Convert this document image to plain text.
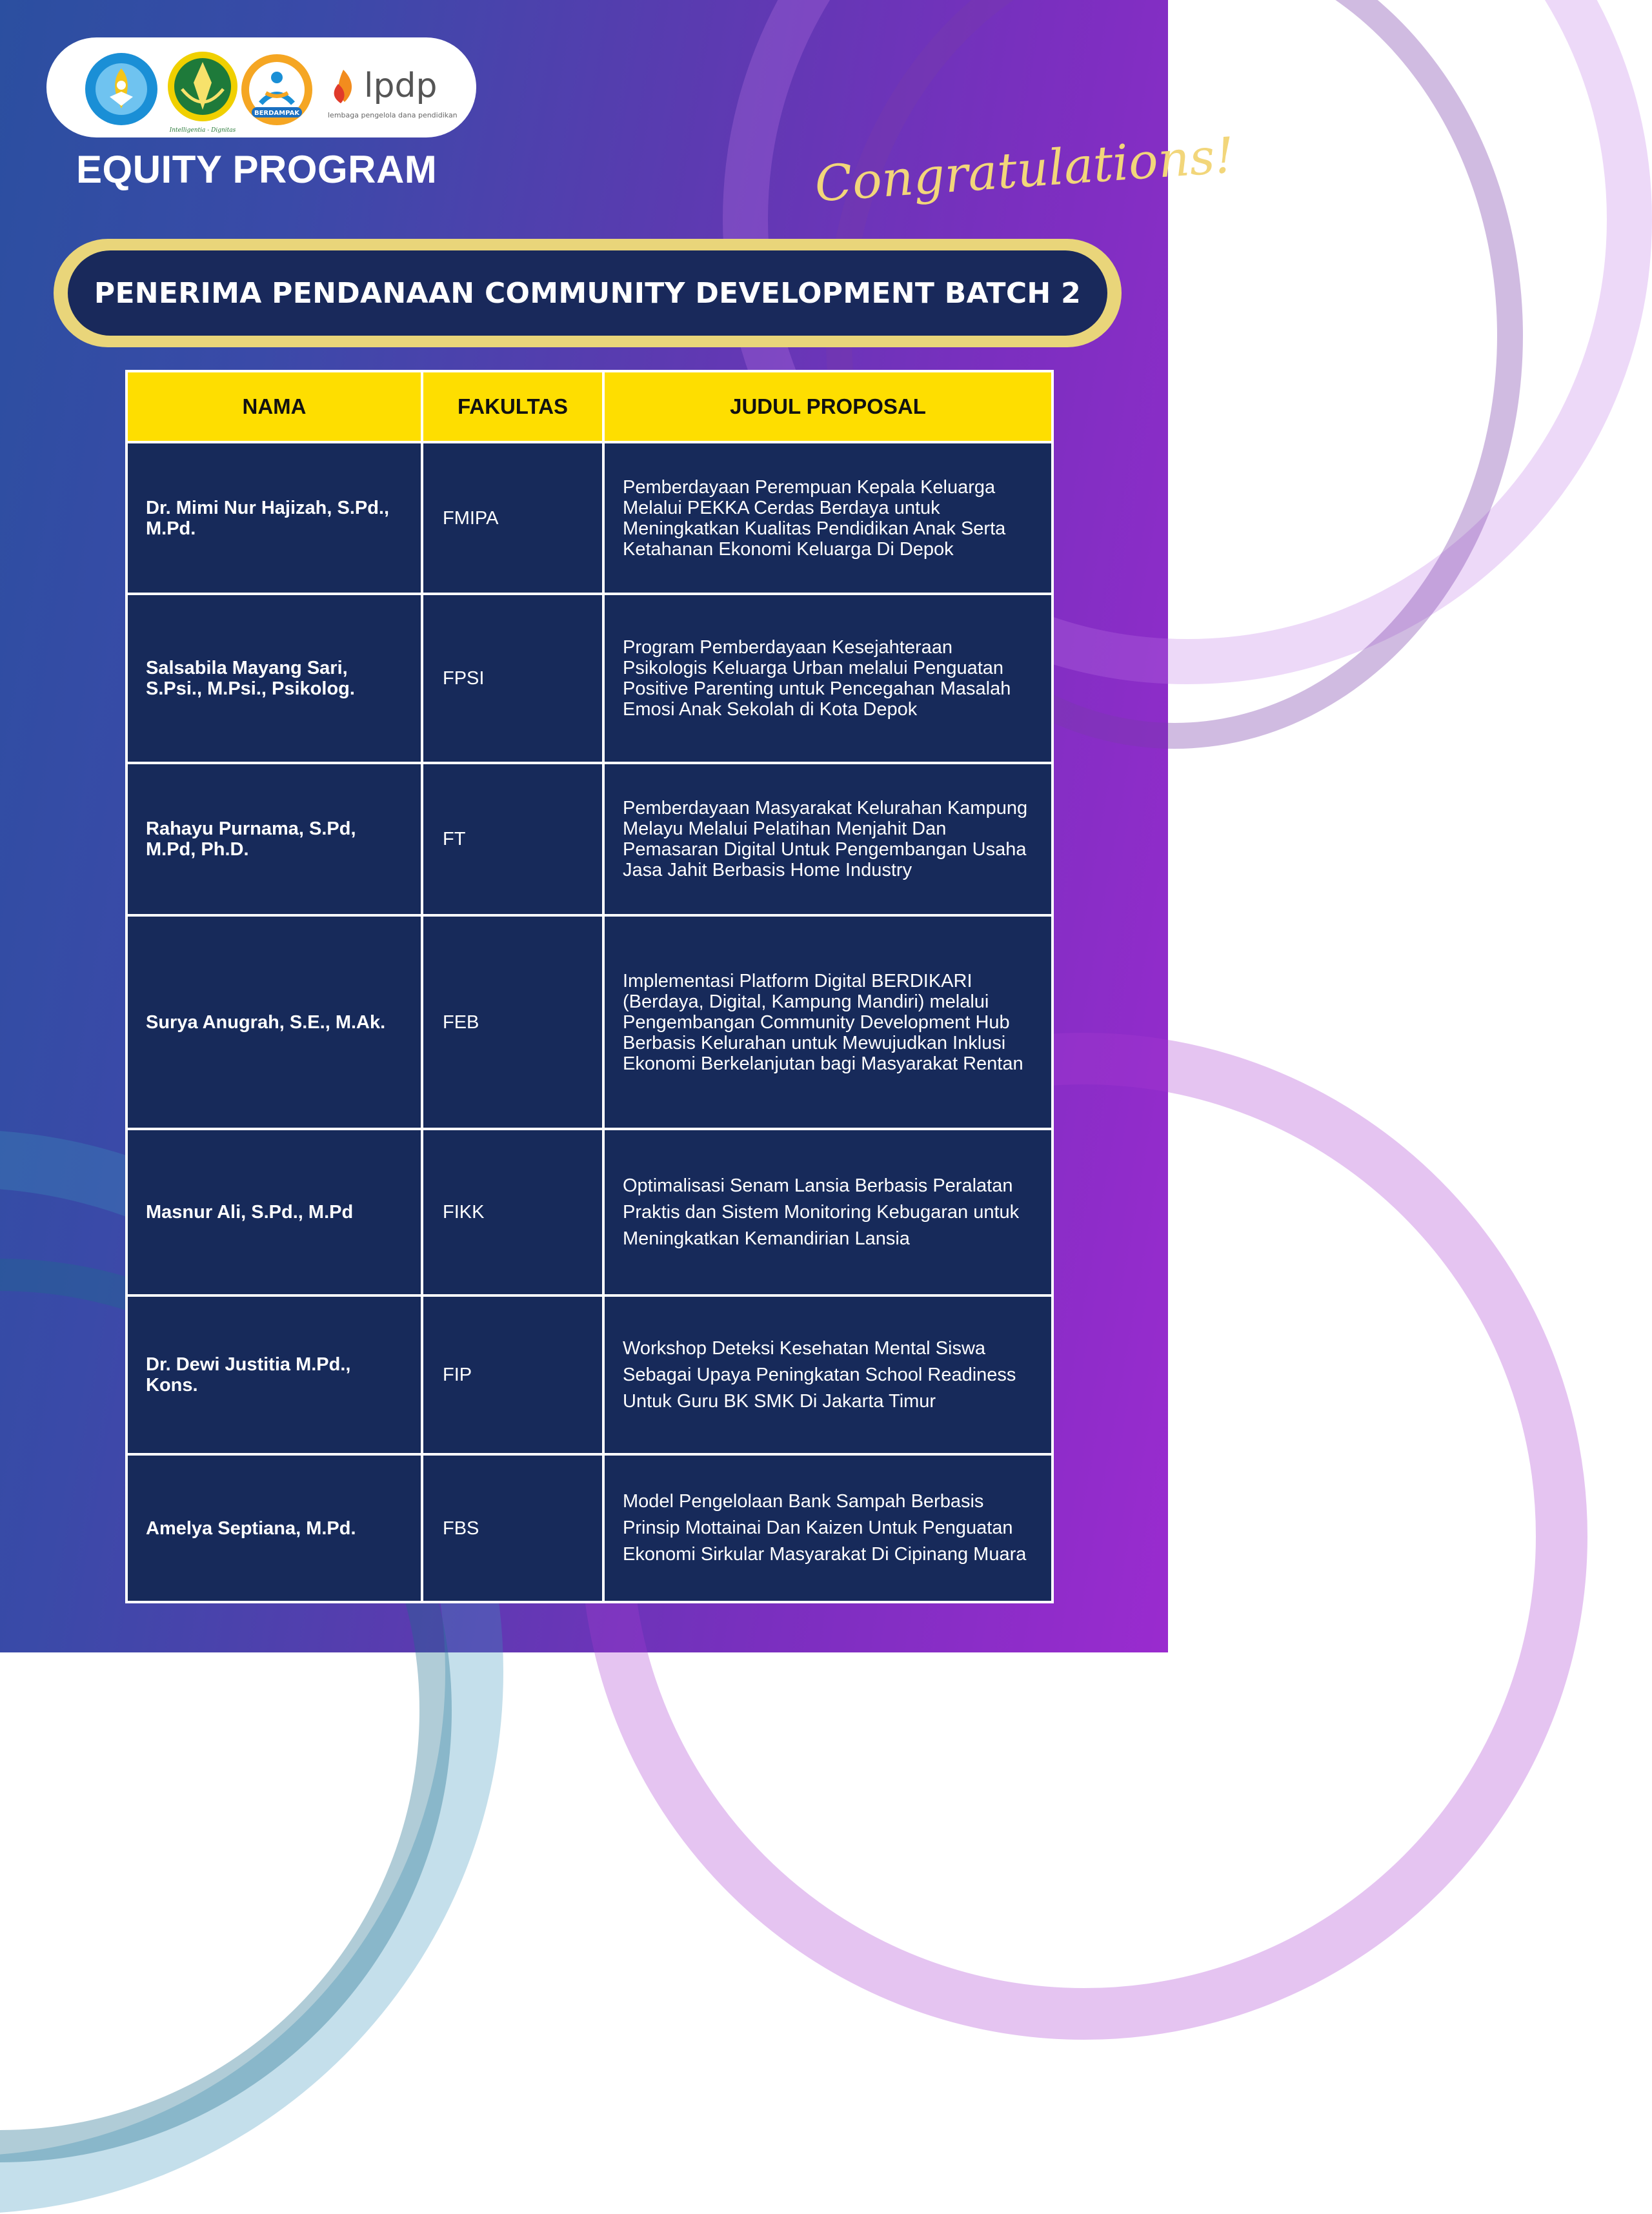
Intelligentia - Dignitas
BERDAMPAK
lpdp
lembaga pengelola dana pendidikan
EQUITY PROGRAM	Congratulations!

PENERIMA PENDANAAN COMMUNITY DEVELOPMENT BATCH 2
NAMA	FAKULTAS	JUDUL PROPOSAL
Dr. Mimi Nur Hajizah, S.Pd., M.Pd.	FMIPA	Pemberdayaan Perempuan Kepala Keluarga Melalui PEKKA Cerdas Berdaya untuk Meningkatkan Kualitas Pendidikan Anak Serta Ketahanan Ekonomi Keluarga Di Depok
Salsabila Mayang Sari, S.Psi., M.Psi., Psikolog.	FPSI	Program Pemberdayaan Kesejahteraan Psikologis Keluarga Urban melalui Penguatan Positive Parenting untuk Pencegahan Masalah Emosi Anak Sekolah di Kota Depok
Rahayu Purnama, S.Pd, M.Pd, Ph.D.	FT	Pemberdayaan Masyarakat Kelurahan Kampung Melayu Melalui Pelatihan Menjahit Dan Pemasaran Digital Untuk Pengembangan Usaha Jasa Jahit Berbasis Home Industry
Surya Anugrah, S.E., M.Ak.	FEB	Implementasi Platform Digital BERDIKARI (Berdaya, Digital, Kampung Mandiri) melalui Pengembangan Community Development Hub Berbasis Kelurahan untuk Mewujudkan Inklusi Ekonomi Berkelanjutan bagi Masyarakat Rentan
Masnur Ali, S.Pd., M.Pd	FIKK	Optimalisasi Senam Lansia Berbasis Peralatan Praktis dan Sistem Monitoring Kebugaran untuk Meningkatkan Kemandirian Lansia
Dr. Dewi Justitia M.Pd., Kons.	FIP	Workshop Deteksi Kesehatan Mental Siswa Sebagai Upaya Peningkatan School Readiness Untuk Guru BK SMK Di Jakarta Timur
Amelya Septiana, M.Pd.	FBS	Model Pengelolaan Bank Sampah Berbasis Prinsip Mottainai Dan Kaizen Untuk Penguatan Ekonomi Sirkular Masyarakat Di Cipinang Muara
